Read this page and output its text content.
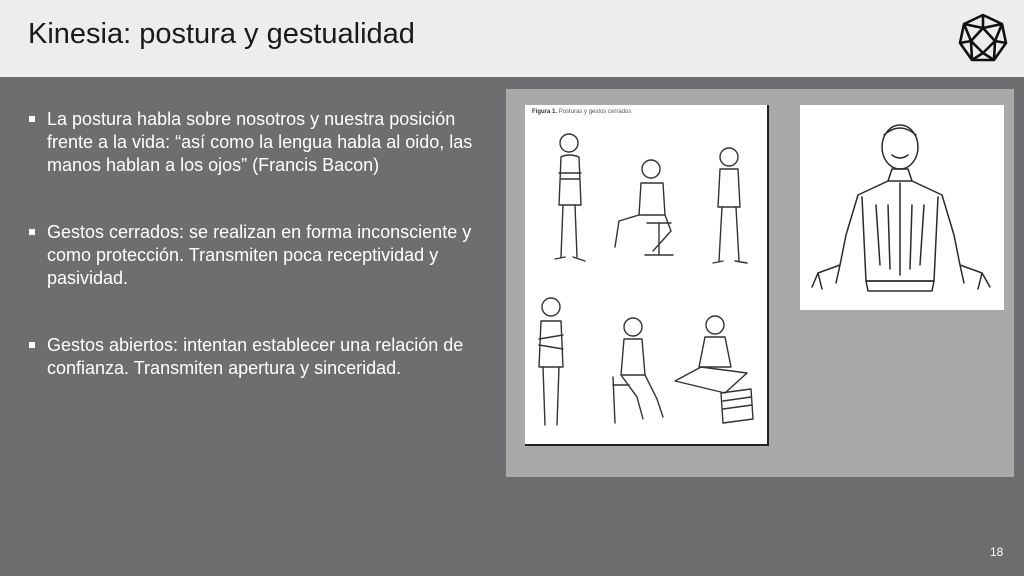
Kinesia: postura y gestualidad
La postura habla sobre nosotros y nuestra posición frente a la vida: “así como la lengua habla al oido, las manos hablan a los ojos” (Francis Bacon)
Gestos cerrados: se realizan en forma inconsciente y como protección. Transmiten poca receptividad y pasividad.
Gestos abiertos: intentan establecer una relación de confianza. Transmiten apertura y sinceridad.
Figura 1. Posturas y gestos cerrados
18
